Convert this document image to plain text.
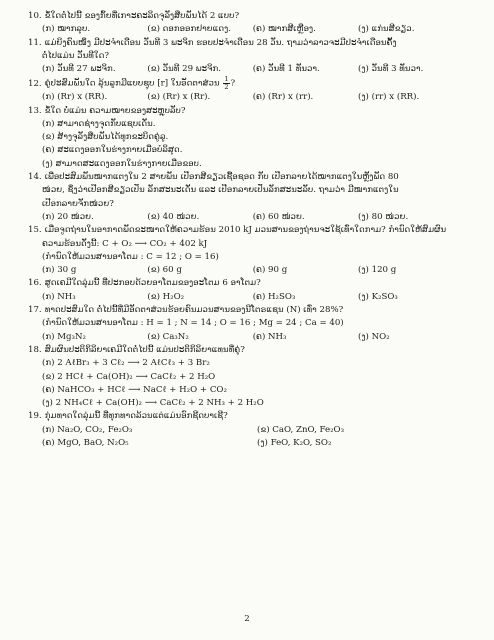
10. ຂໍ້ໃດຕໍ່ໄປນີ້ ຂອງກົ້ຍທີ່ເກາະຄະລິດຈຸລັງສືບພັນໄດ້ 2 ແບບ?
(ກ) ໝາກລຸບ.	(ຂ) ດອກອອກຢາຍແດງ.	(ຄ) ໝາກສີເຫຼືອງ.	(ງ) ແກ່ນສີຂຽວ.
11. ແມ່ຍິງຄົນໜຶ່ງ ມີປະຈຳເດືອນ ວັນທີ 3 ພະຈິກ ຮອບປະຈຳເດືອນ 28 ວັນ. ຖາມວ່າລາວຈະມີປະຈຳເດືອນຄັ້ງ
ຕໍ່ໄປແມ່ນ ວັນທີໃດ?
(ກ) ວັນທີ 27 ພະຈິກ.	(ຂ) ວັນທີ 29 ພະຈິກ.	(ຄ) ວັນທີ 1 ທັນວາ.	(ງ) ວັນທີ 3 ທັນວາ.
12. ຄູ່ປະສົມພັນໃດ ລຸ້ນລູກມີແບບຊຸບ [r] ໃນອັດຕາສ່ວນ $\frac{1}{2}$ ?
(ກ) (Rr) x (RR).	(ຂ) (Rr) x (Rr).	(ຄ) (Rr) x (rr).	(ງ) (rr) x (RR).
13. ຂໍ້ໃດ ບໍ່ແມ່ນ ຄວາມໝາຍຂອງສະຫຼຸບລັບ?
(ກ) ສາມາດຊ່າງຈຸດກັບແຊບເດັ່ນ.
(ຂ) ສ້າງຈຸລັງສືບພັນໄດ້ທຸກຂະບິດຄູ່ລູ.
(ຄ) ສະແດງອອກໃນຮ່າງກາຍເມື່ອບໍລິສຸດ.
(ງ) ສາມາດສະແດງອອກໃນຮ່າງກາຍເມື່ອຂອບ.
14. ເພື່ອປະສົມພັນໝາກແຕງໃນ 2 ສາຍພັນ ເປືອກສີຂຽວເຊື້ອຊອດ ກັບ ເປືອກລາຍໄດ້ໝາກແຕງໃນຫຼັງພັດ 80
ໜ່ວຍ, ຊຶ່ງວ່າເປືອກສີຂຽວເປັນ ລັກສະນະເດັ່ນ ແລະ ເປືອກລາຍເປັນລັກສະນະລັບ. ຖາມວ່າ ມີໝາກແຕງໃນ
ເປືອກລາຍຈັກໜ່ວຍ?
(ກ) 20 ໜ່ວຍ.	(ຂ) 40 ໜ່ວຍ.	(ຄ) 60 ໜ່ວຍ.	(ງ) 80 ໜ່ວຍ.
15. ເມື່ອຈູດຖ່ານໃນອາກາດພັດຂະໜາດໃຫ້ຄວາມຮ້ອນ 2010 kJ ມວນສານຂອງຖ່ານຈະໃຊ້ເທົ່າໃດກາມ? ກຳນົດໃຫ້ສົມຜົນ
ຄວາມຮ້ອນດັ່ງນີ້: C + O₂ ⟶ CO₂ + 402 kJ
(ກຳນົດໃຫ້ມວນສານອາໂຕມ : C = 12 ; O = 16)
(ກ) 30 g	(ຂ) 60 g	(ຄ) 90 g	(ງ) 120 g
16. ສູດເຄມີໃດລຸ່ມນີ້ ທີ່ປະກອບດ້ວຍອາໂຕມຂອງອະໂຕມ 6 ອາໂຕມ?
(ກ) NH₃	(ຂ) H₂O₂	(ຄ) H₂SO₃	(ງ) K₂SO₃
17. ທາດປະສົມໃດ ຕໍ່ໄປນີ້ທີ່ມີອັດຕາສ່ວນຮ້ອຍຄົນມວນສານຂອງນີໂຕຣແຊນ (N) ເທົ່າ 28%?
(ກຳນົດໃຫ້ມວນສານອາໂຕມ : H = 1 ; N = 14 ; O = 16 ; Mg = 24 ; Ca = 40)
(ກ) Mg₃N₂	(ຂ) Ca₃N₂	(ຄ) NH₃	(ງ) NO₂
18. ສົມຜົນປະຕິກິລິຍາເຄມີໃດຕໍ່ໄປນີ້ ແມ່ນປະຕິກິລິຍາແທນທີ່ຄູ່?
(ກ) 2 AℓBr₃ + 3 Cℓ₂ ⟶ 2 AℓCℓ₃ + 3 Br₂
(ຂ) 2 HCℓ + Ca(OH)₂ ⟶ CaCℓ₂ + 2 H₂O
(ຄ) NaHCO₃ + HCℓ ⟶ NaCℓ + H₂O + CO₂
(ງ) 2 NH₄Cℓ + Ca(OH)₂ ⟶ CaCℓ₂ + 2 NH₃ + 2 H₂O
19. ກຸ່ມທາດໃດລຸ່ມນີ້ ທີ່ທຸກທາດລ້ວນແຕ່ແມ່ນອົກຊີດບາເຊີ?
(ກ) Na₂O, CO₂, Fe₂O₃	(ຂ) CaO, ZnO, Fe₂O₃
(ຄ) MgO, BaO, N₂O₅	(ງ) FeO, K₂O, SO₂
2
